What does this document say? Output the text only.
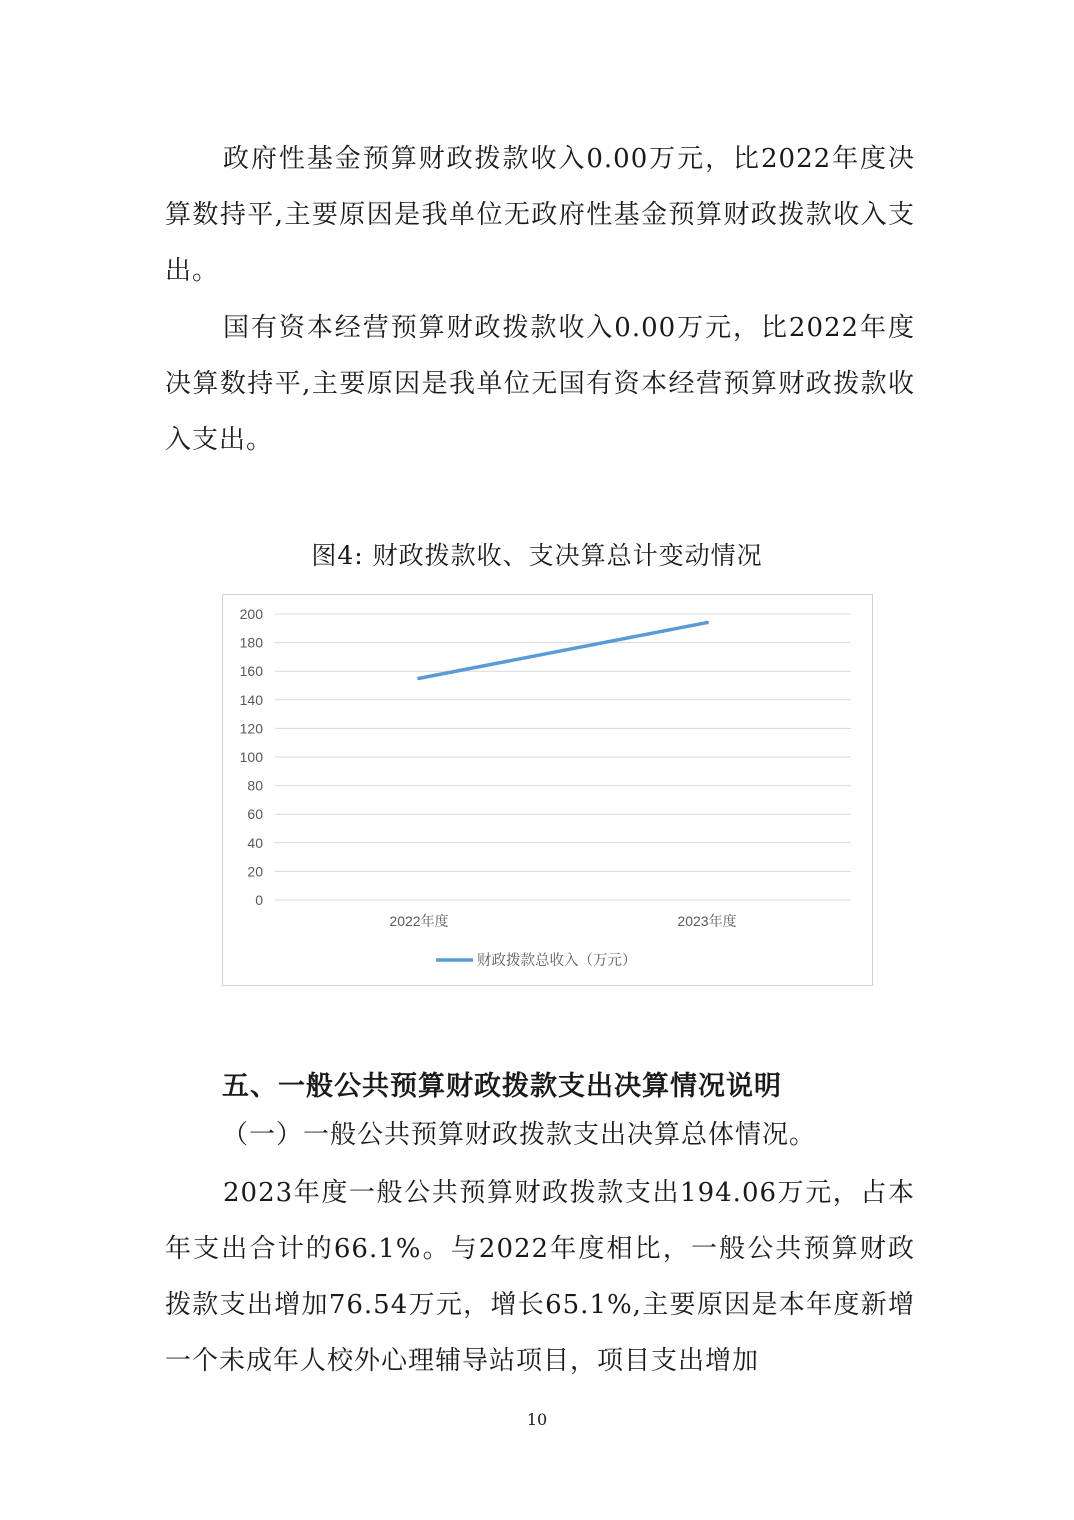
政府性基金预算财政拨款收入0.00万元，比2022年度决算数持平,主要原因是我单位无政府性基金预算财政拨款收入支出。

国有资本经营预算财政拨款收入0.00万元，比2022年度决算数持平,主要原因是我单位无国有资本经营预算财政拨款收入支出。

图4: 财政拨款收、支决算总计变动情况
0
20
40
60
80
100
120
140
160
180
200
2022年度	2023年度
财政拨款总收入（万元）
五、一般公共预算财政拨款支出决算情况说明

（一）一般公共预算财政拨款支出决算总体情况。

2023年度一般公共预算财政拨款支出194.06万元，占本年支出合计的66.1%。与2022年度相比，一般公共预算财政拨款支出增加76.54万元，增长65.1%,主要原因是本年度新增一个未成年人校外心理辅导站项目，项目支出增加

10
